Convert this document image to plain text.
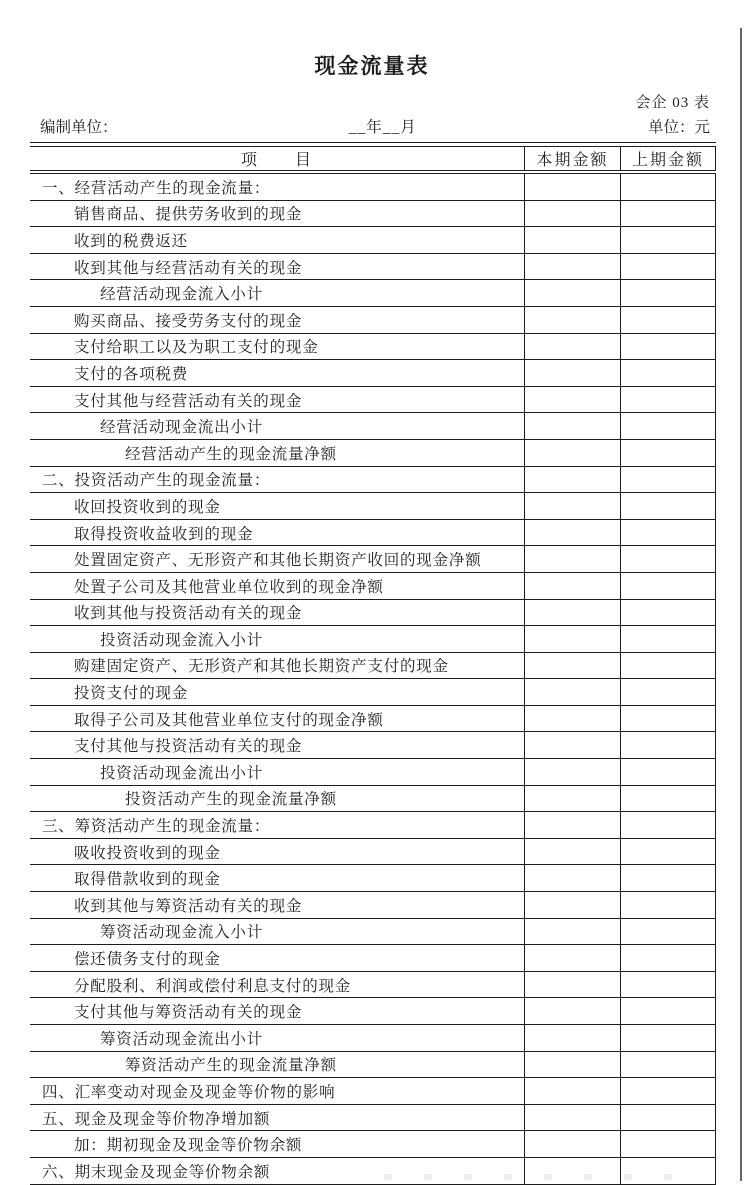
现金流量表
会企 03 表
编制单位：	__年__月	单位：元
项　　目	本期金额	上期金额
一、经营活动产生的现金流量：
销售商品、提供劳务收到的现金
收到的税费返还
收到其他与经营活动有关的现金
经营活动现金流入小计
购买商品、接受劳务支付的现金
支付给职工以及为职工支付的现金
支付的各项税费
支付其他与经营活动有关的现金
经营活动现金流出小计
经营活动产生的现金流量净额
二、投资活动产生的现金流量：
收回投资收到的现金
取得投资收益收到的现金
处置固定资产、无形资产和其他长期资产收回的现金净额
处置子公司及其他营业单位收到的现金净额
收到其他与投资活动有关的现金
投资活动现金流入小计
购建固定资产、无形资产和其他长期资产支付的现金
投资支付的现金
取得子公司及其他营业单位支付的现金净额
支付其他与投资活动有关的现金
投资活动现金流出小计
投资活动产生的现金流量净额
三、筹资活动产生的现金流量：
吸收投资收到的现金
取得借款收到的现金
收到其他与筹资活动有关的现金
筹资活动现金流入小计
偿还债务支付的现金
分配股利、利润或偿付利息支付的现金
支付其他与筹资活动有关的现金
筹资活动现金流出小计
筹资活动产生的现金流量净额
四、汇率变动对现金及现金等价物的影响
五、现金及现金等价物净增加额
加：期初现金及现金等价物余额
六、期末现金及现金等价物余额
